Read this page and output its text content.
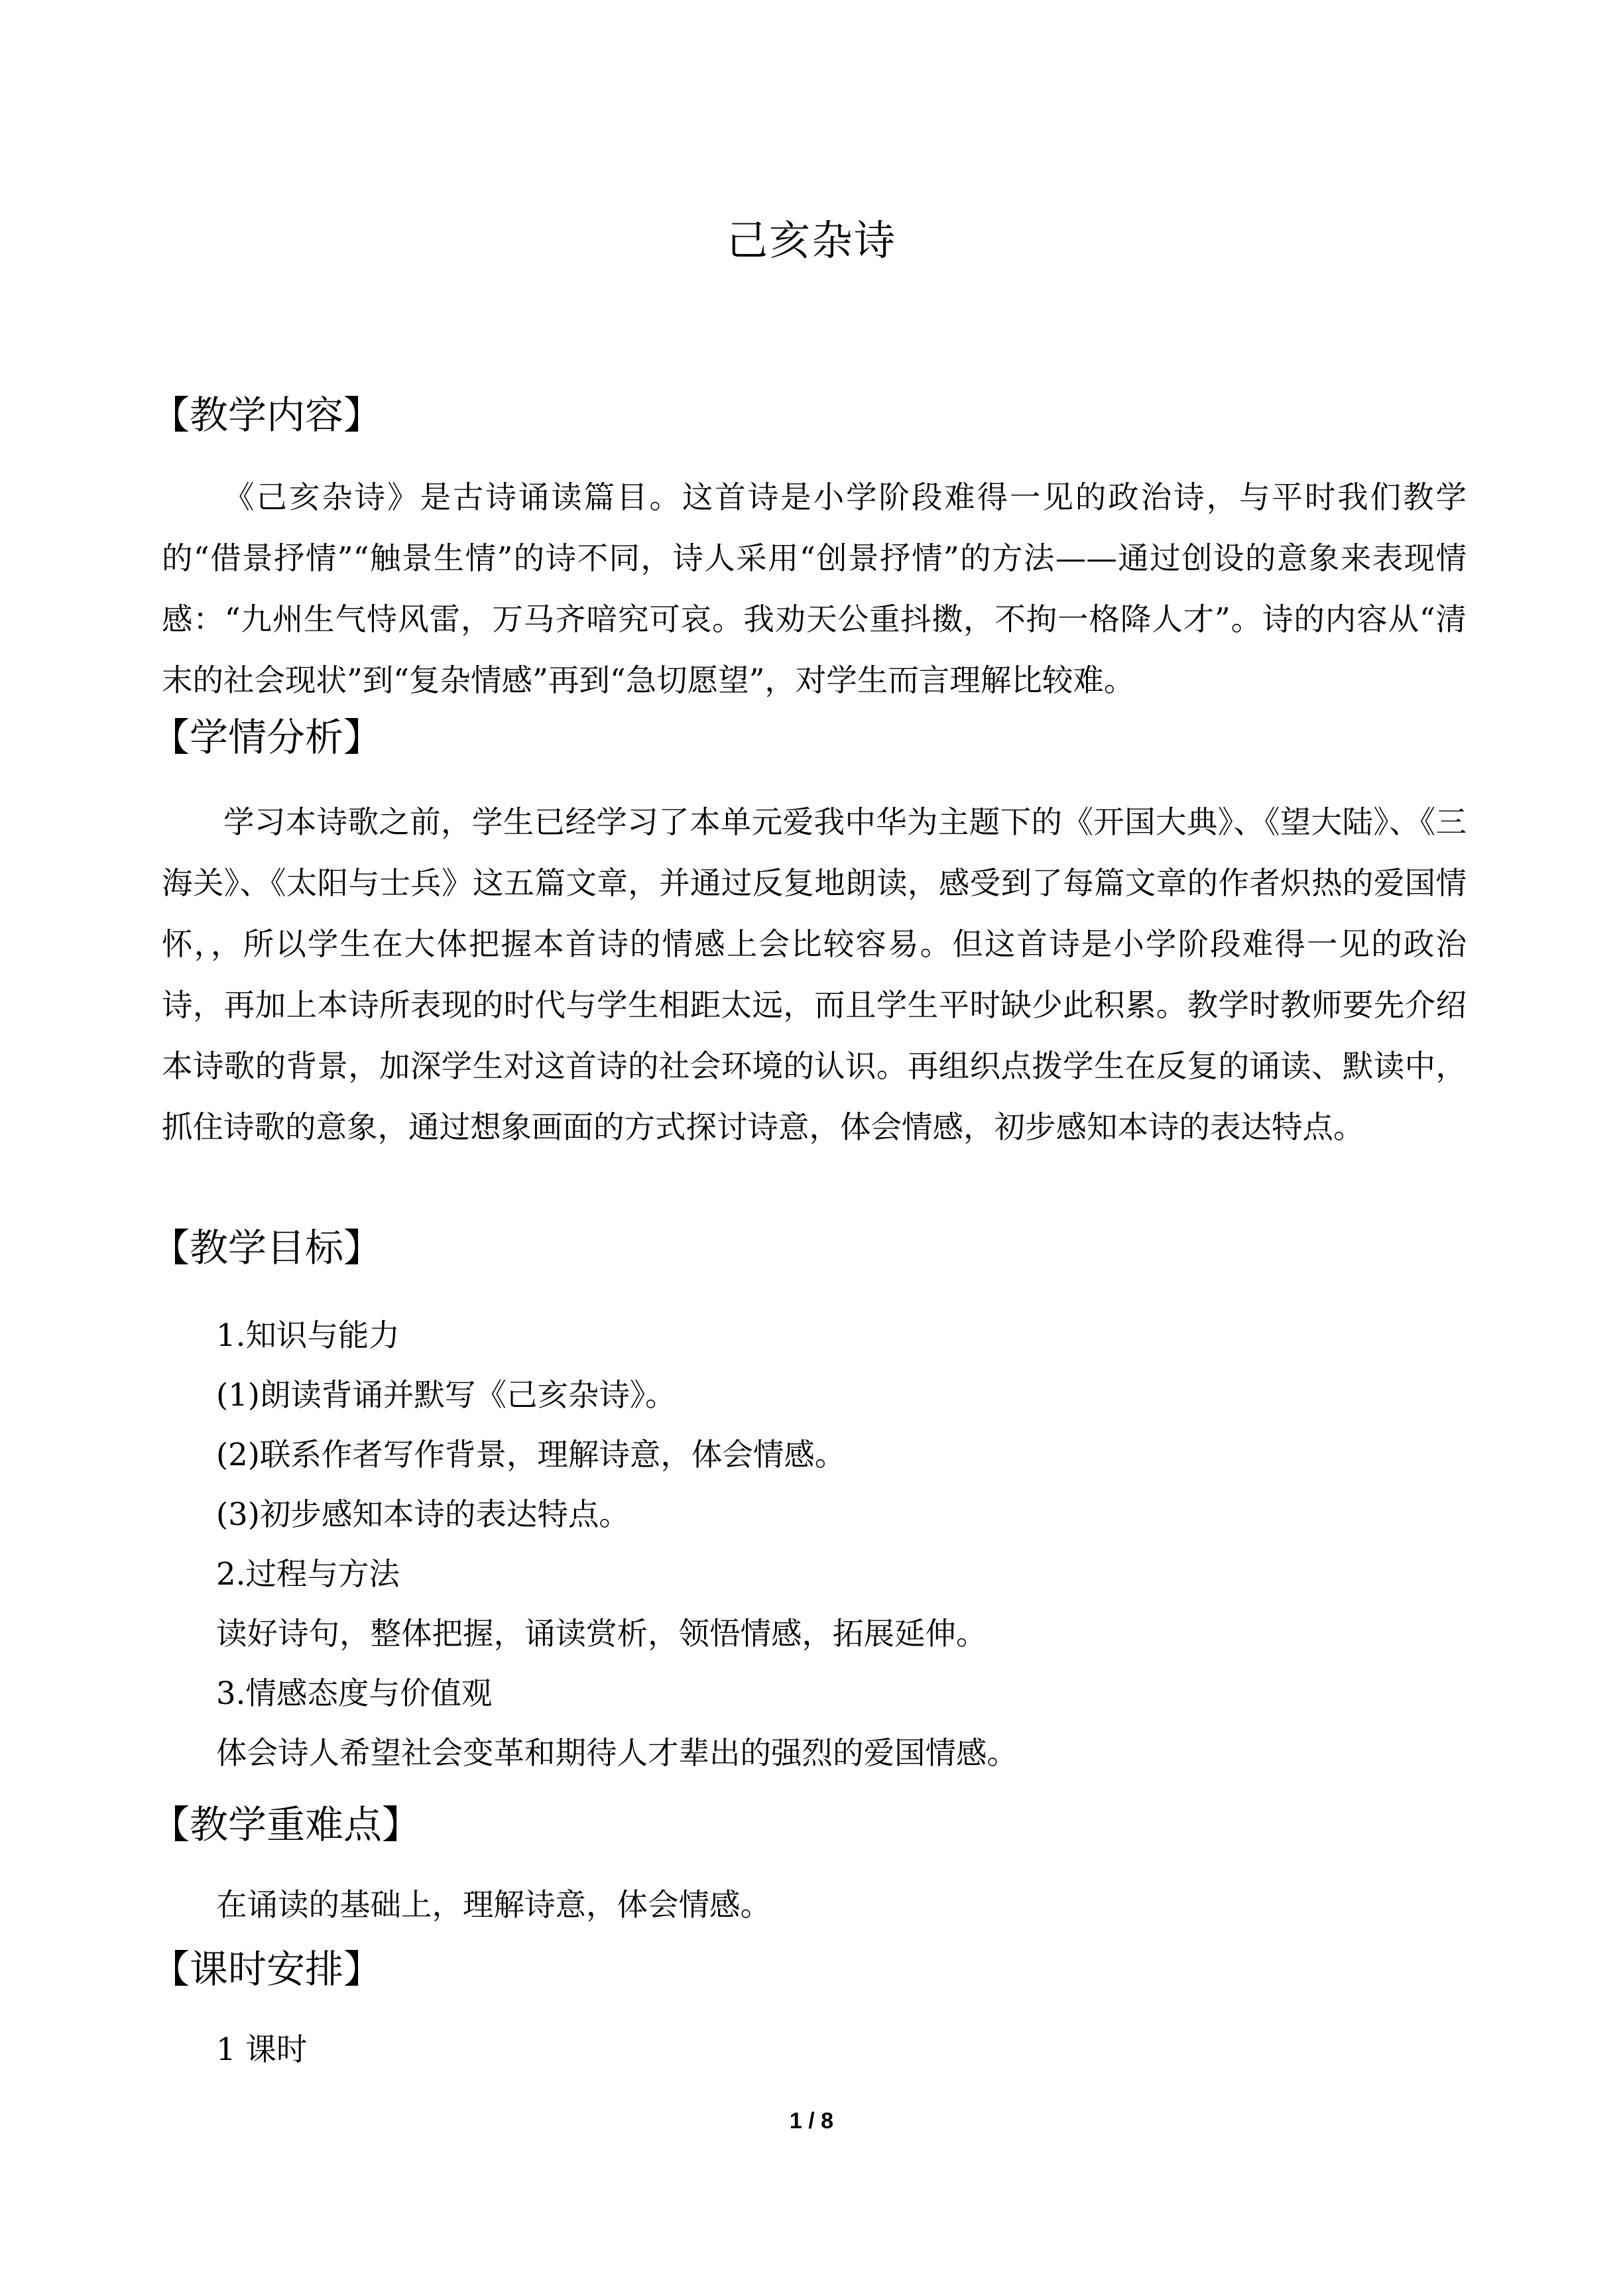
己亥杂诗
【教学内容】

《己亥杂诗》是古诗诵读篇目。这首诗是小学阶段难得一见的政治诗，与平时我们教学的“借景抒情”“触景生情”的诗不同，诗人采用“创景抒情”的方法——通过创设的意象来表现情感：“九州生气恃风雷，万马齐喑究可哀。我劝天公重抖擞，不拘一格降人才”。诗的内容从“清末的社会现状”到“复杂情感”再到“急切愿望”，对学生而言理解比较难。

【学情分析】

学习本诗歌之前，学生已经学习了本单元爱我中华为主题下的《开国大典》、《望大陆》、《三海关》、《太阳与士兵》这五篇文章，并通过反复地朗读，感受到了每篇文章的作者炽热的爱国情怀，，所以学生在大体把握本首诗的情感上会比较容易。但这首诗是小学阶段难得一见的政治诗，再加上本诗所表现的时代与学生相距太远，而且学生平时缺少此积累。教学时教师要先介绍本诗歌的背景，加深学生对这首诗的社会环境的认识。再组织点拨学生在反复的诵读、默读中，抓住诗歌的意象，通过想象画面的方式探讨诗意，体会情感，初步感知本诗的表达特点。

【教学目标】

1.知识与能力

(1)朗读背诵并默写《己亥杂诗》。

(2)联系作者写作背景，理解诗意，体会情感。

(3)初步感知本诗的表达特点。

2.过程与方法

读好诗句，整体把握，诵读赏析，领悟情感，拓展延伸。

3.情感态度与价值观

体会诗人希望社会变革和期待人才辈出的强烈的爱国情感。

【教学重难点】

在诵读的基础上，理解诗意，体会情感。

【课时安排】

1 课时

1 / 8
